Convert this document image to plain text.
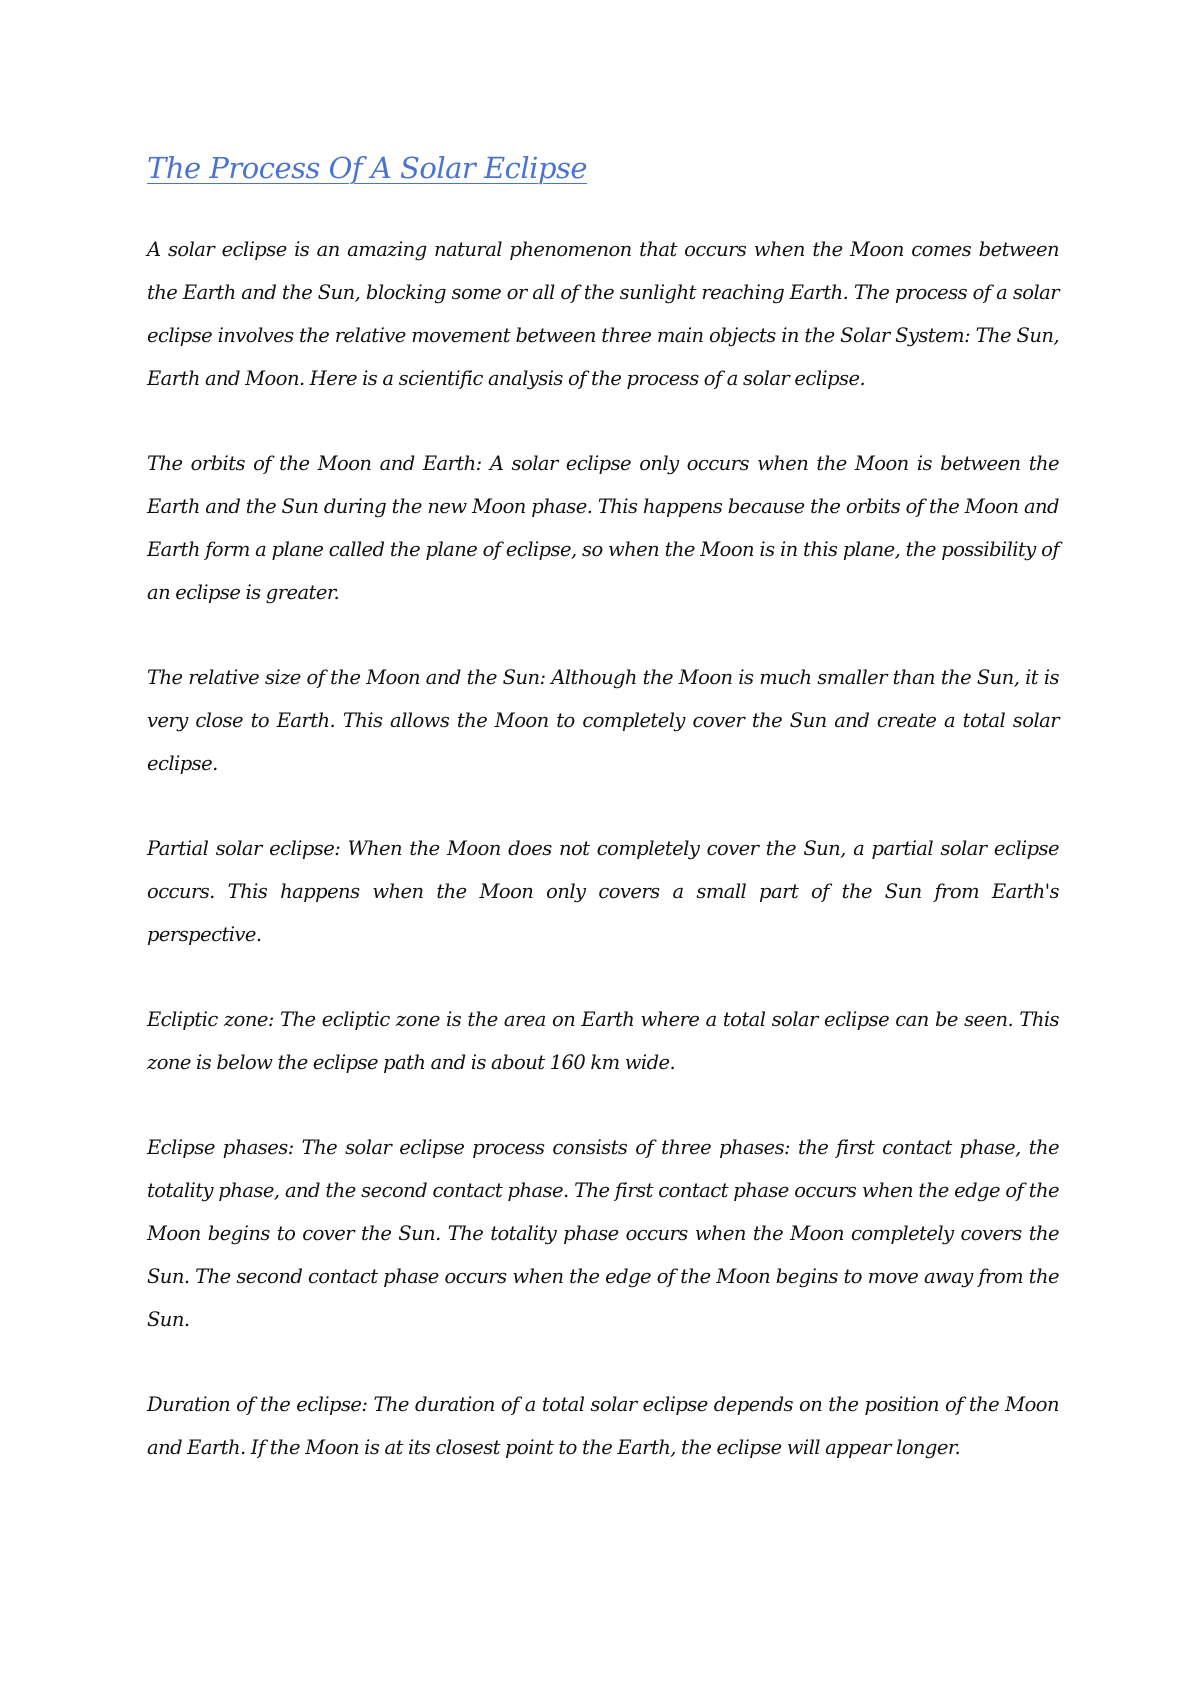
The Process Of A Solar Eclipse

A solar eclipse is an amazing natural phenomenon that occurs when the Moon comes between the Earth and the Sun, blocking some or all of the sunlight reaching Earth. The process of a solar eclipse involves the relative movement between three main objects in the Solar System: The Sun, Earth and Moon. Here is a scientific analysis of the process of a solar eclipse.

The orbits of the Moon and Earth: A solar eclipse only occurs when the Moon is between the Earth and the Sun during the new Moon phase. This happens because the orbits of the Moon and Earth form a plane called the plane of eclipse, so when the Moon is in this plane, the possibility of an eclipse is greater.

The relative size of the Moon and the Sun: Although the Moon is much smaller than the Sun, it is very close to Earth. This allows the Moon to completely cover the Sun and create a total solar eclipse.

Partial solar eclipse: When the Moon does not completely cover the Sun, a partial solar eclipse occurs. This happens when the Moon only covers a small part of the Sun from Earth's perspective.

Ecliptic zone: The ecliptic zone is the area on Earth where a total solar eclipse can be seen. This zone is below the eclipse path and is about 160 km wide.

Eclipse phases: The solar eclipse process consists of three phases: the first contact phase, the totality phase, and the second contact phase. The first contact phase occurs when the edge of the Moon begins to cover the Sun. The totality phase occurs when the Moon completely covers the Sun. The second contact phase occurs when the edge of the Moon begins to move away from the Sun.

Duration of the eclipse: The duration of a total solar eclipse depends on the position of the Moon and Earth. If the Moon is at its closest point to the Earth, the eclipse will appear longer.
